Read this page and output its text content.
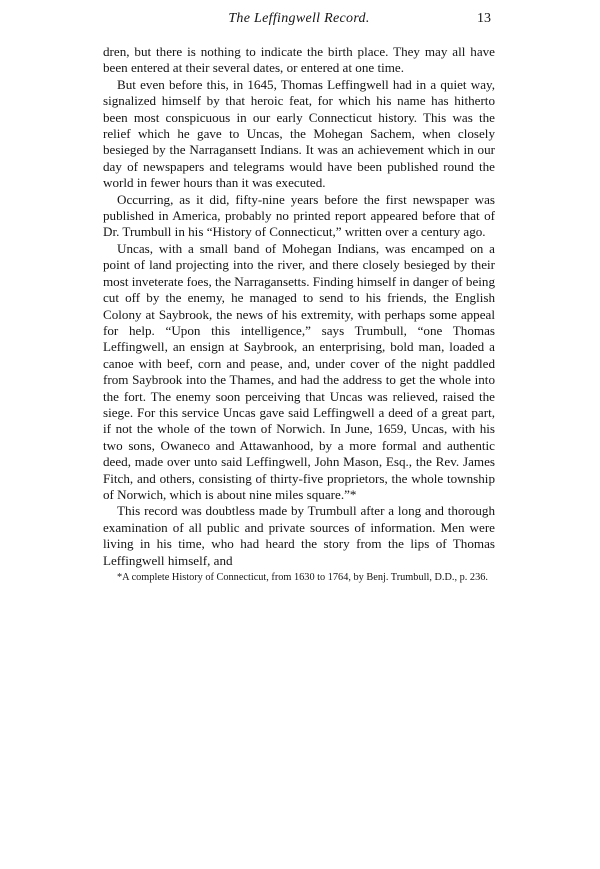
The Leffingwell Record.	13

dren, but there is nothing to indicate the birth place. They may all have been entered at their several dates, or entered at one time.

But even before this, in 1645, Thomas Leffingwell had in a quiet way, signalized himself by that heroic feat, for which his name has hitherto been most conspicuous in our early Connecticut history. This was the relief which he gave to Uncas, the Mohegan Sachem, when closely besieged by the Narragansett Indians. It was an achievement which in our day of newspapers and telegrams would have been published round the world in fewer hours than it was executed.

Occurring, as it did, fifty-nine years before the first newspaper was published in America, probably no printed report appeared before that of Dr. Trumbull in his “History of Connecticut,” written over a century ago.

Uncas, with a small band of Mohegan Indians, was encamped on a point of land projecting into the river, and there closely besieged by their most inveterate foes, the Narragansetts. Finding himself in danger of being cut off by the enemy, he managed to send to his friends, the English Colony at Saybrook, the news of his extremity, with perhaps some appeal for help. “Upon this intelligence,” says Trumbull, “one Thomas Leffingwell, an ensign at Saybrook, an enterprising, bold man, loaded a canoe with beef, corn and pease, and, under cover of the night paddled from Saybrook into the Thames, and had the address to get the whole into the fort. The enemy soon perceiving that Uncas was relieved, raised the siege. For this service Uncas gave said Leffingwell a deed of a great part, if not the whole of the town of Norwich. In June, 1659, Uncas, with his two sons, Owaneco and Attawanhood, by a more formal and authentic deed, made over unto said Leffingwell, John Mason, Esq., the Rev. James Fitch, and others, consisting of thirty-five proprietors, the whole township of Norwich, which is about nine miles square.”*

This record was doubtless made by Trumbull after a long and thorough examination of all public and private sources of information. Men were living in his time, who had heard the story from the lips of Thomas Leffingwell himself, and

*A complete History of Connecticut, from 1630 to 1764, by Benj. Trumbull, D.D., p. 236.
